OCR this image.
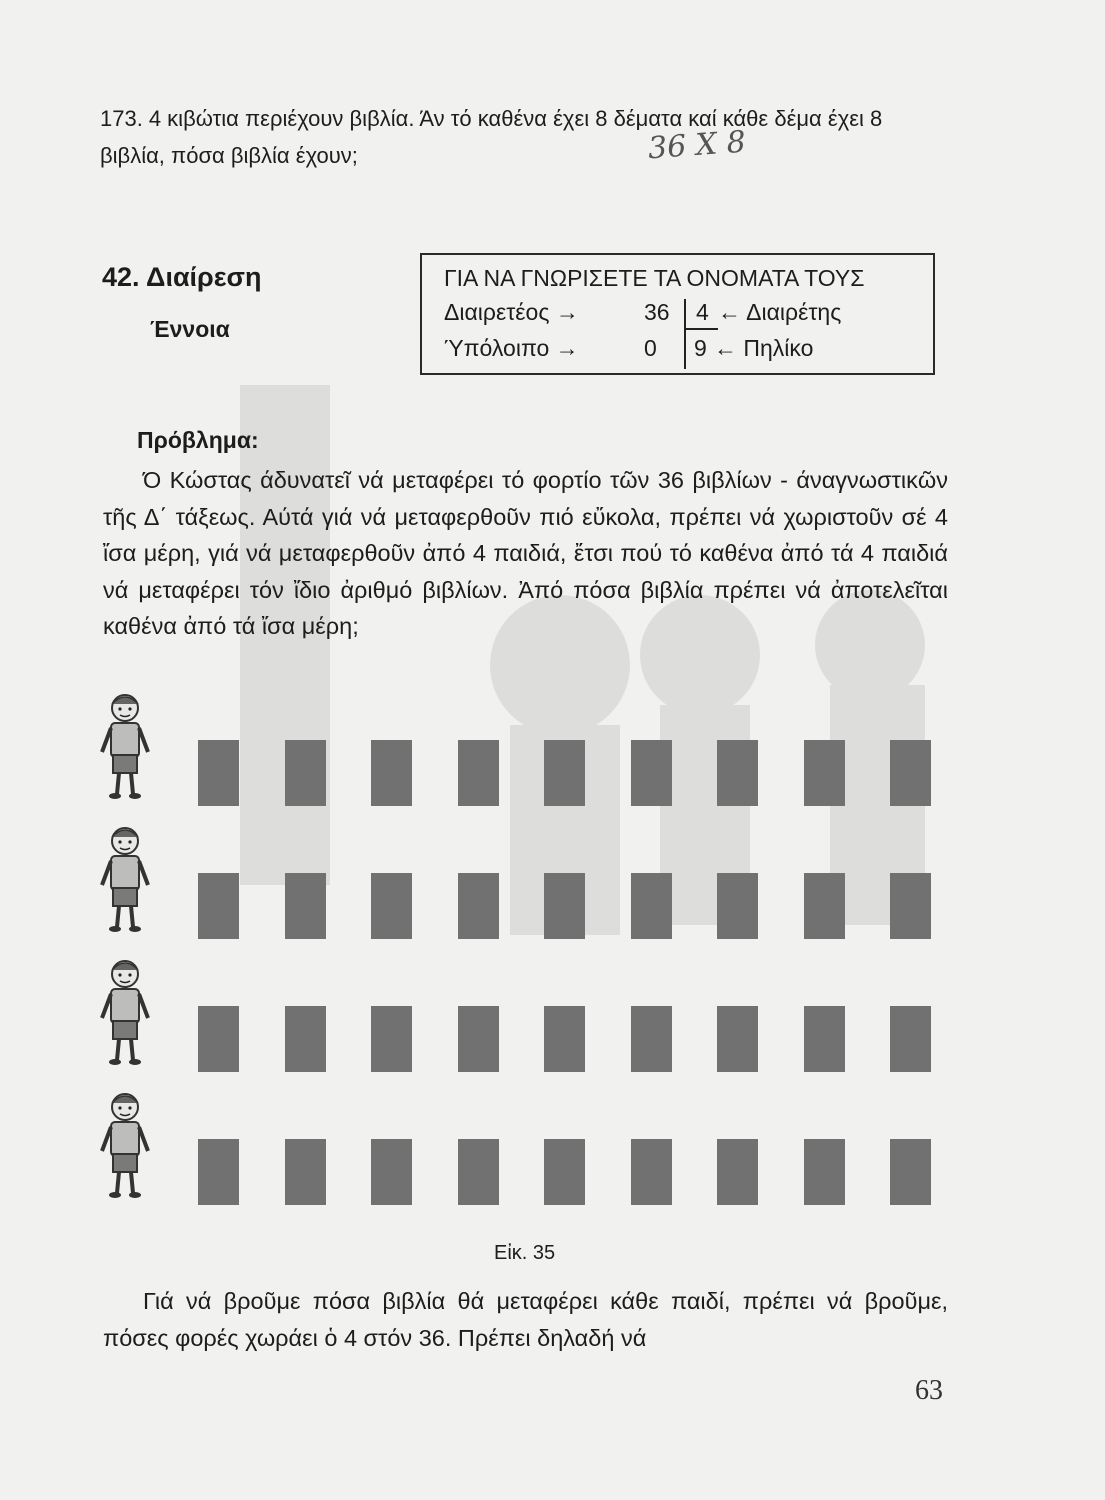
173. 4 κιβώτια περιέχουν βιβλία. Άν τό καθένα έχει 8 δέματα καί κάθε δέμα έχει 8 βιβλία, πόσα βιβλία έχουν;	36 Х 8
42. Διαίρεση
Έννοια
ΓΙΑ ΝΑ ΓΝΩΡΙΣΕΤΕ ΤΑ ΟΝΟΜΑΤΑ ΤΟΥΣ
Διαιρετέος →	36 4 ← Διαιρέτης
Ύπόλοιπο →	0 9 ← Πηλίκο
Πρόβλημα:
Ό Κώστας άδυνατεῖ νά μεταφέρει τό φορτίο τῶν 36 βιβλίων - άναγνωστικῶν τῆς Δ΄ τάξεως. Αύτά γιά νά μεταφερθοῦν πιό εὔκολα, πρέπει νά χωριστοῦν σέ 4 ἴσα μέρη, γιά νά μεταφερθοῦν ἀπό 4 παιδιά, ἔτσι πού τό καθένα ἀπό τά 4 παιδιά νά μεταφέρει τόν ἴδιο ἀριθμό βιβλίων. Ἀπό πόσα βιβλία πρέπει νά ἀποτελεῖται καθένα ἀπό τά ἴσα μέρη;
Εἰκ. 35
Γιά νά βροῦμε πόσα βιβλία θά μεταφέρει κάθε παιδί, πρέπει νά βροῦμε, πόσες φορές χωράει ὁ 4 στόν 36. Πρέπει δηλαδή νά
63
